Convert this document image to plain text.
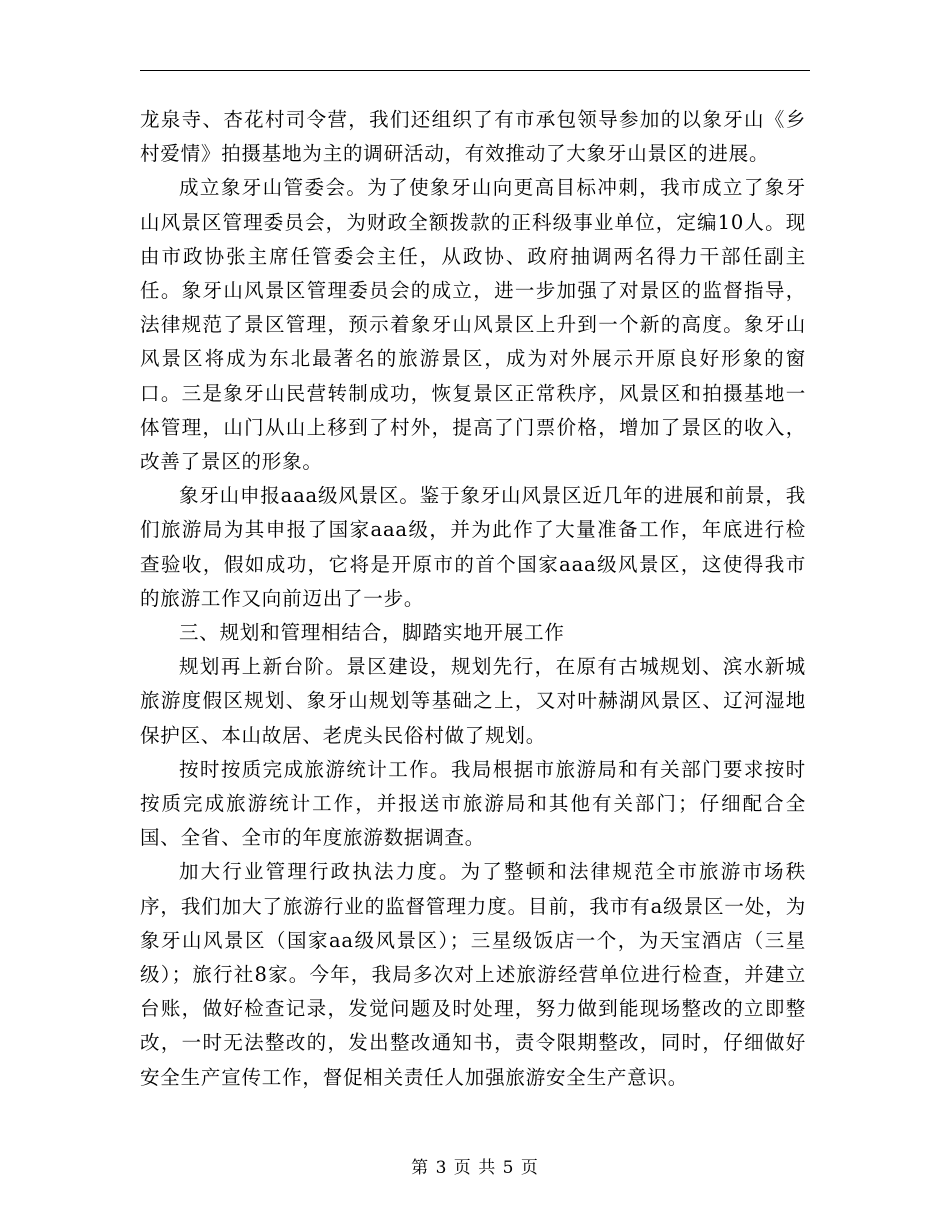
龙泉寺、杏花村司令营，我们还组织了有市承包领导参加的以象牙山《乡村爱情》拍摄基地为主的调研活动，有效推动了大象牙山景区的进展。

成立象牙山管委会。为了使象牙山向更高目标冲刺，我市成立了象牙山风景区管理委员会，为财政全额拨款的正科级事业单位，定编10人。现由市政协张主席任管委会主任，从政协、政府抽调两名得力干部任副主任。象牙山风景区管理委员会的成立，进一步加强了对景区的监督指导，法律规范了景区管理，预示着象牙山风景区上升到一个新的高度。象牙山风景区将成为东北最著名的旅游景区，成为对外展示开原良好形象的窗口。三是象牙山民营转制成功，恢复景区正常秩序，风景区和拍摄基地一体管理，山门从山上移到了村外，提高了门票价格，增加了景区的收入，改善了景区的形象。

象牙山申报aaa级风景区。鉴于象牙山风景区近几年的进展和前景，我们旅游局为其申报了国家aaa级，并为此作了大量准备工作，年底进行检查验收，假如成功，它将是开原市的首个国家aaa级风景区，这使得我市的旅游工作又向前迈出了一步。

三、规划和管理相结合，脚踏实地开展工作

规划再上新台阶。景区建设，规划先行，在原有古城规划、滨水新城旅游度假区规划、象牙山规划等基础之上，又对叶赫湖风景区、辽河湿地保护区、本山故居、老虎头民俗村做了规划。

按时按质完成旅游统计工作。我局根据市旅游局和有关部门要求按时按质完成旅游统计工作，并报送市旅游局和其他有关部门；仔细配合全国、全省、全市的年度旅游数据调查。

加大行业管理行政执法力度。为了整顿和法律规范全市旅游市场秩序，我们加大了旅游行业的监督管理力度。目前，我市有a级景区一处，为象牙山风景区（国家aa级风景区）；三星级饭店一个，为天宝酒店（三星级）；旅行社8家。今年，我局多次对上述旅游经营单位进行检查，并建立台账，做好检查记录，发觉问题及时处理，努力做到能现场整改的立即整改，一时无法整改的，发出整改通知书，责令限期整改，同时，仔细做好安全生产宣传工作，督促相关责任人加强旅游安全生产意识。

第 3 页 共 5 页
